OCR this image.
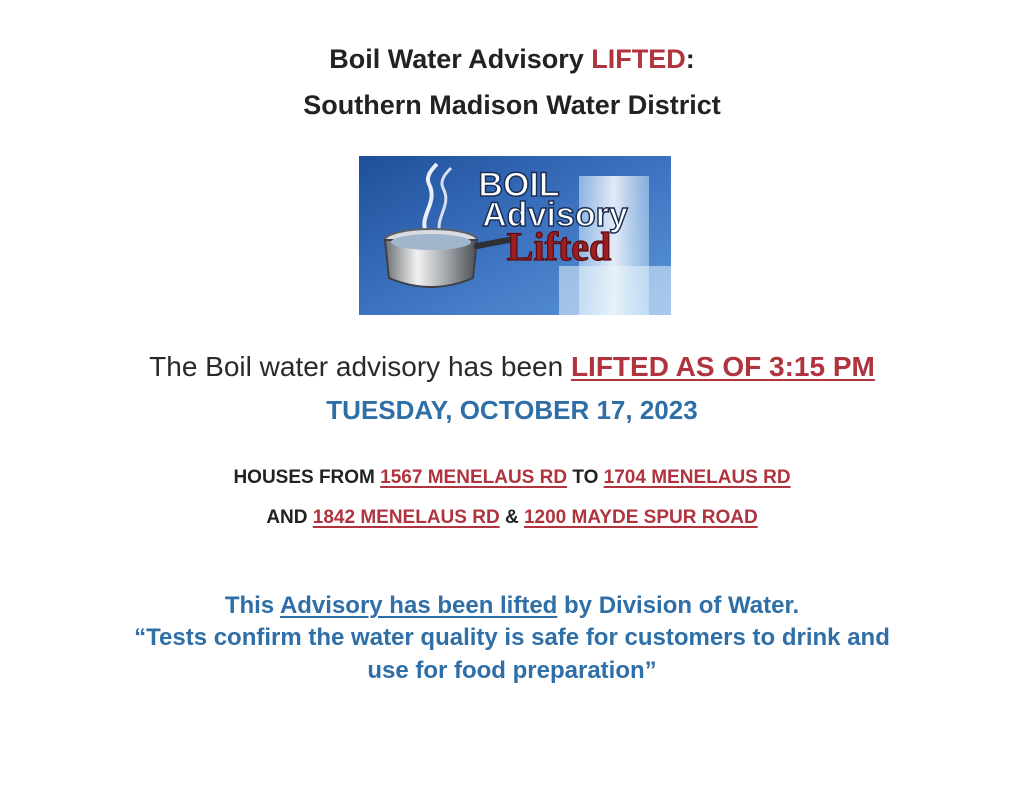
Boil Water Advisory LIFTED:
Southern Madison Water District
BOIL
Advisory
Lifted
The Boil water advisory has been LIFTED AS OF 3:15 PM
TUESDAY, OCTOBER 17, 2023
HOUSES FROM 1567 MENELAUS RD TO 1704 MENELAUS RD
AND 1842 MENELAUS RD & 1200 MAYDE SPUR ROAD
This Advisory has been lifted by Division of Water.
“Tests confirm the water quality is safe for customers to drink and
use for food preparation”
